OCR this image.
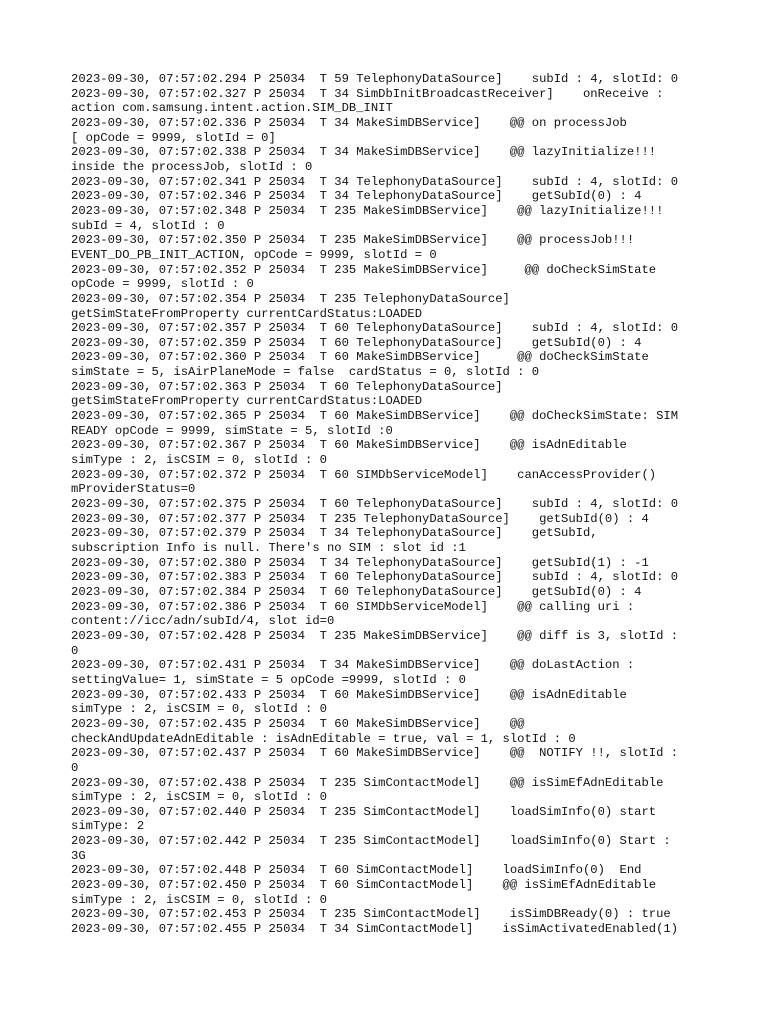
2023-09-30, 07:57:02.294 P 25034  T 59 TelephonyDataSource]    subId : 4, slotId: 0
2023-09-30, 07:57:02.327 P 25034  T 34 SimDbInitBroadcastReceiver]    onReceive :
action com.samsung.intent.action.SIM_DB_INIT
2023-09-30, 07:57:02.336 P 25034  T 34 MakeSimDBService]    @@ on processJob
[ opCode = 9999, slotId = 0]
2023-09-30, 07:57:02.338 P 25034  T 34 MakeSimDBService]    @@ lazyInitialize!!!
inside the processJob, slotId : 0
2023-09-30, 07:57:02.341 P 25034  T 34 TelephonyDataSource]    subId : 4, slotId: 0
2023-09-30, 07:57:02.346 P 25034  T 34 TelephonyDataSource]    getSubId(0) : 4
2023-09-30, 07:57:02.348 P 25034  T 235 MakeSimDBService]    @@ lazyInitialize!!!
subId = 4, slotId : 0
2023-09-30, 07:57:02.350 P 25034  T 235 MakeSimDBService]    @@ processJob!!!
EVENT_DO_PB_INIT_ACTION, opCode = 9999, slotId = 0
2023-09-30, 07:57:02.352 P 25034  T 235 MakeSimDBService]     @@ doCheckSimState
opCode = 9999, slotId : 0
2023-09-30, 07:57:02.354 P 25034  T 235 TelephonyDataSource]
getSimStateFromProperty currentCardStatus:LOADED
2023-09-30, 07:57:02.357 P 25034  T 60 TelephonyDataSource]    subId : 4, slotId: 0
2023-09-30, 07:57:02.359 P 25034  T 60 TelephonyDataSource]    getSubId(0) : 4
2023-09-30, 07:57:02.360 P 25034  T 60 MakeSimDBService]     @@ doCheckSimState
simState = 5, isAirPlaneMode = false  cardStatus = 0, slotId : 0
2023-09-30, 07:57:02.363 P 25034  T 60 TelephonyDataSource]
getSimStateFromProperty currentCardStatus:LOADED
2023-09-30, 07:57:02.365 P 25034  T 60 MakeSimDBService]    @@ doCheckSimState: SIM
READY opCode = 9999, simState = 5, slotId :0
2023-09-30, 07:57:02.367 P 25034  T 60 MakeSimDBService]    @@ isAdnEditable
simType : 2, isCSIM = 0, slotId : 0
2023-09-30, 07:57:02.372 P 25034  T 60 SIMDbServiceModel]    canAccessProvider()
mProviderStatus=0
2023-09-30, 07:57:02.375 P 25034  T 60 TelephonyDataSource]    subId : 4, slotId: 0
2023-09-30, 07:57:02.377 P 25034  T 235 TelephonyDataSource]    getSubId(0) : 4
2023-09-30, 07:57:02.379 P 25034  T 34 TelephonyDataSource]    getSubId,
subscription Info is null. There's no SIM : slot id :1
2023-09-30, 07:57:02.380 P 25034  T 34 TelephonyDataSource]    getSubId(1) : -1
2023-09-30, 07:57:02.383 P 25034  T 60 TelephonyDataSource]    subId : 4, slotId: 0
2023-09-30, 07:57:02.384 P 25034  T 60 TelephonyDataSource]    getSubId(0) : 4
2023-09-30, 07:57:02.386 P 25034  T 60 SIMDbServiceModel]    @@ calling uri :
content://icc/adn/subId/4, slot id=0
2023-09-30, 07:57:02.428 P 25034  T 235 MakeSimDBService]    @@ diff is 3, slotId :
0
2023-09-30, 07:57:02.431 P 25034  T 34 MakeSimDBService]    @@ doLastAction :
settingValue= 1, simState = 5 opCode =9999, slotId : 0
2023-09-30, 07:57:02.433 P 25034  T 60 MakeSimDBService]    @@ isAdnEditable
simType : 2, isCSIM = 0, slotId : 0
2023-09-30, 07:57:02.435 P 25034  T 60 MakeSimDBService]    @@
checkAndUpdateAdnEditable : isAdnEditable = true, val = 1, slotId : 0
2023-09-30, 07:57:02.437 P 25034  T 60 MakeSimDBService]    @@  NOTIFY !!, slotId :
0
2023-09-30, 07:57:02.438 P 25034  T 235 SimContactModel]    @@ isSimEfAdnEditable
simType : 2, isCSIM = 0, slotId : 0
2023-09-30, 07:57:02.440 P 25034  T 235 SimContactModel]    loadSimInfo(0) start
simType: 2
2023-09-30, 07:57:02.442 P 25034  T 235 SimContactModel]    loadSimInfo(0) Start :
3G
2023-09-30, 07:57:02.448 P 25034  T 60 SimContactModel]    loadSimInfo(0)  End
2023-09-30, 07:57:02.450 P 25034  T 60 SimContactModel]    @@ isSimEfAdnEditable
simType : 2, isCSIM = 0, slotId : 0
2023-09-30, 07:57:02.453 P 25034  T 235 SimContactModel]    isSimDBReady(0) : true
2023-09-30, 07:57:02.455 P 25034  T 34 SimContactModel]    isSimActivatedEnabled(1)
